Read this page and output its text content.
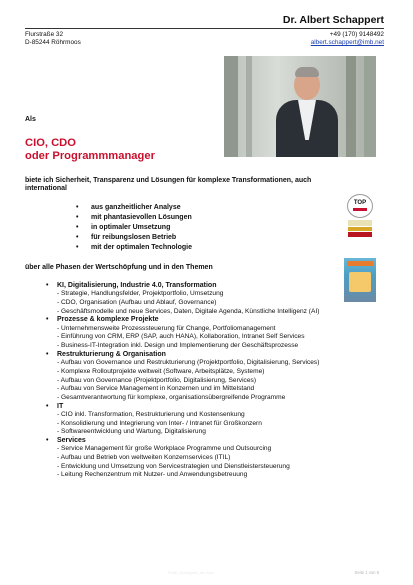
Dr. Albert Schappert
Flurstraße 32
D-85244 Röhrmoos
+49 (170) 9148492
albert.schappert@imb.net
Als
CIO, CDO
oder Programmmanager
biete ich Sicherheit, Transparenz und Lösungen für komplexe Transformationen, auch international
• aus ganzheitlicher Analyse
• mit phantasievollen Lösungen
• in optimaler Umsetzung
• für reibungslosen Betrieb
• mit der optimalen Technologie
TOP
über alle Phasen der Wertschöpfung und in den Themen
• KI, Digitalisierung, Industrie 4.0, Transformation
- Strategie, Handlungsfelder, Projektportfolio, Umsetzung
- CDO, Organisation (Aufbau und Ablauf, Governance)
- Geschäftsmodelle und neue Services, Daten, Digitale Agenda, Künstliche Intelligenz (AI)
• Prozesse & komplexe Projekte
- Unternehmensweite Prozesssteuerung für Change, Portfoliomanagement
- Einführung von CRM, ERP (SAP, auch HANA), Kollaboration, Intranet Self Services
- Business-IT-Integration inkl. Design und Implementierung der Geschäftsprozesse
• Restrukturierung & Organisation
- Aufbau von Governance und Restrukturierung (Projektportfolio, Digitalisierung, Services)
- Komplexe Rolloutprojekte weltweit (Software, Arbeitsplätze, Systeme)
- Aufbau von Governance (Projektportfolio, Digitalisierung, Services)
- Aufbau von Service Management in Konzernen und im Mittelstand
- Gesamtverantwortung für komplexe, organisationsübergreifende Programme
• IT
- CIO inkl. Transformation, Restrukturierung und Kostensenkung
- Konsolidierung und Integrierung von Inter- / Intranet für Großkonzern
- Softwareentwicklung und Wartung, Digitalisierung
• Services
- Service Management für große Workplace Programme und Outsourcing
- Aufbau und Betrieb von weltweiten Konzernservices (ITIL)
- Entwicklung und Umsetzung von Servicestrategien und Dienstleistersteuerung
- Leitung Rechenzentrum mit Nutzer- und Anwendungsbetreuung
Profil_Schappert_de.docx	Seite 1 von 8
